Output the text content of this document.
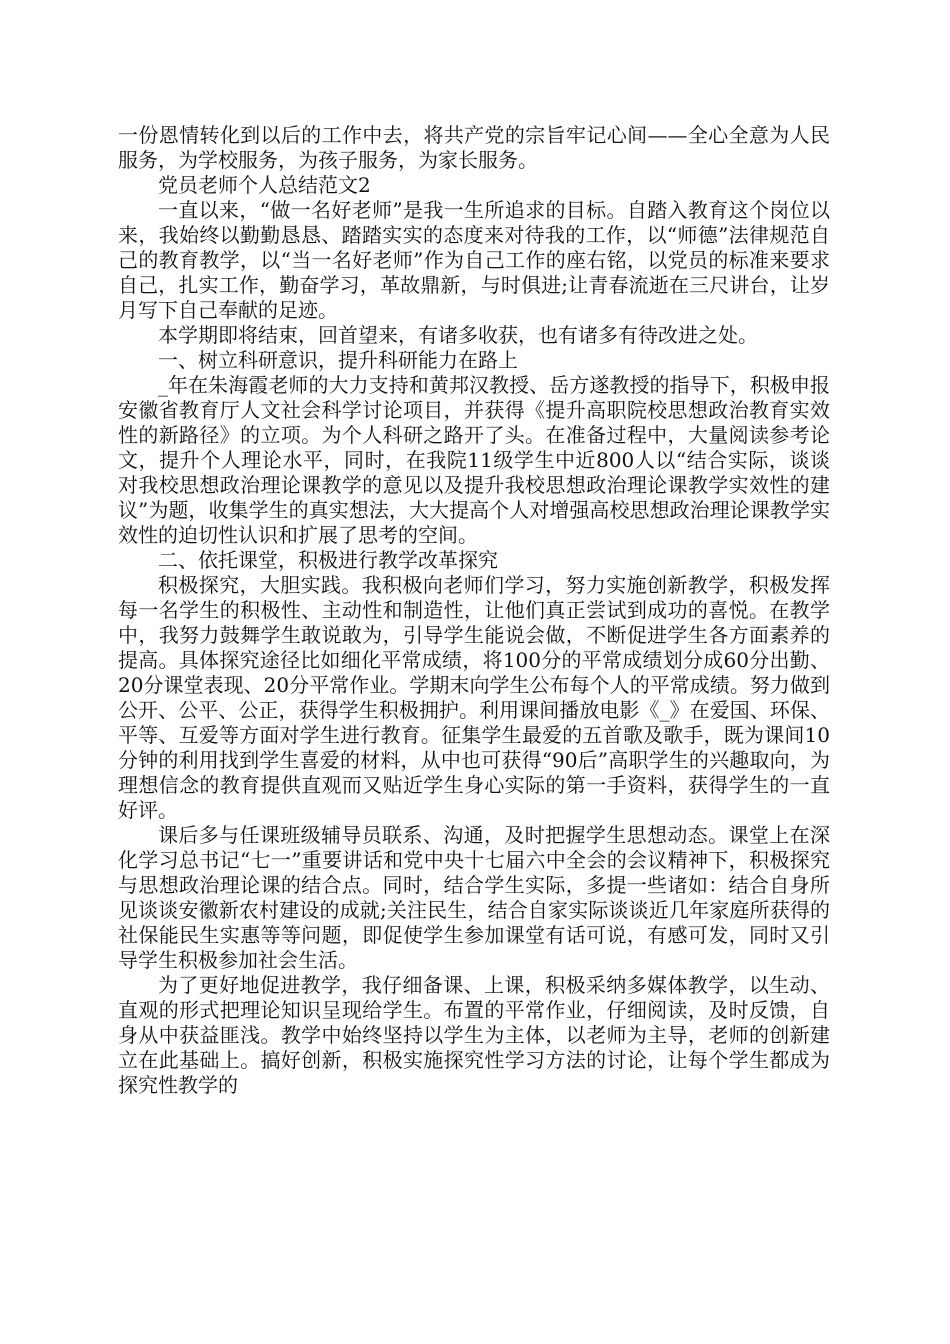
一份恩情转化到以后的工作中去，将共产党的宗旨牢记心间——全心全意为人民服务，为学校服务，为孩子服务，为家长服务。

党员老师个人总结范文2

一直以来，“做一名好老师”是我一生所追求的目标。自踏入教育这个岗位以来，我始终以勤勤恳恳、踏踏实实的态度来对待我的工作，以“师德”法律规范自己的教育教学，以“当一名好老师”作为自己工作的座右铭，以党员的标准来要求自己，扎实工作，勤奋学习，革故鼎新，与时俱进;让青春流逝在三尺讲台，让岁月写下自己奉献的足迹。

本学期即将结束，回首望来，有诸多收获，也有诸多有待改进之处。

一、树立科研意识，提升科研能力在路上

_年在朱海霞老师的大力支持和黄邦汉教授、岳方遂教授的指导下，积极申报安徽省教育厅人文社会科学讨论项目，并获得《提升高职院校思想政治教育实效性的新路径》的立项。为个人科研之路开了头。在准备过程中，大量阅读参考论文，提升个人理论水平，同时，在我院11级学生中近800人以“结合实际，谈谈对我校思想政治理论课教学的意见以及提升我校思想政治理论课教学实效性的建议”为题，收集学生的真实想法，大大提高个人对增强高校思想政治理论课教学实效性的迫切性认识和扩展了思考的空间。

二、依托课堂，积极进行教学改革探究

积极探究，大胆实践。我积极向老师们学习，努力实施创新教学，积极发挥每一名学生的积极性、主动性和制造性，让他们真正尝试到成功的喜悦。在教学中，我努力鼓舞学生敢说敢为，引导学生能说会做，不断促进学生各方面素养的提高。具体探究途径比如细化平常成绩，将100分的平常成绩划分成60分出勤、20分课堂表现、20分平常作业。学期末向学生公布每个人的平常成绩。努力做到公开、公平、公正，获得学生积极拥护。利用课间播放电影《_》在爱国、环保、平等、互爱等方面对学生进行教育。征集学生最爱的五首歌及歌手，既为课间10分钟的利用找到学生喜爱的材料，从中也可获得“90后”高职学生的兴趣取向，为理想信念的教育提供直观而又贴近学生身心实际的第一手资料，获得学生的一直好评。

课后多与任课班级辅导员联系、沟通，及时把握学生思想动态。课堂上在深化学习总书记“七一”重要讲话和党中央十七届六中全会的会议精神下，积极探究与思想政治理论课的结合点。同时，结合学生实际，多提一些诸如：结合自身所见谈谈安徽新农村建设的成就;关注民生，结合自家实际谈谈近几年家庭所获得的社保能民生实惠等等问题，即促使学生参加课堂有话可说，有感可发，同时又引导学生积极参加社会生活。

为了更好地促进教学，我仔细备课、上课，积极采纳多媒体教学，以生动、直观的形式把理论知识呈现给学生。布置的平常作业，仔细阅读，及时反馈，自身从中获益匪浅。教学中始终坚持以学生为主体，以老师为主导，老师的创新建立在此基础上。搞好创新，积极实施探究性学习方法的讨论，让每个学生都成为探究性教学的
